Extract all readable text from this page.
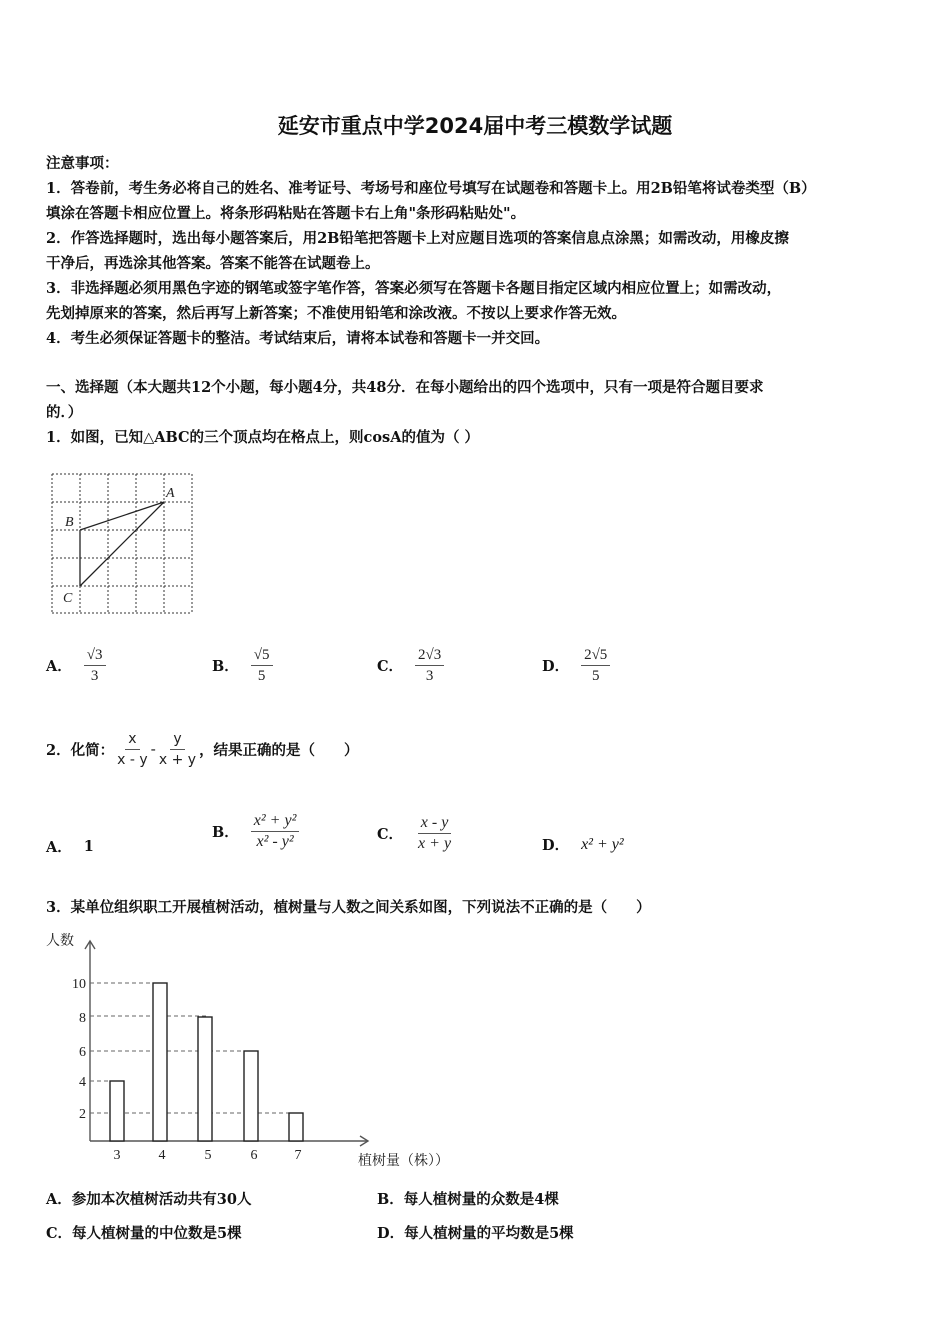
延安市重点中学2024届中考三模数学试题
注意事项：
1．答卷前，考生务必将自己的姓名、准考证号、考场号和座位号填写在试题卷和答题卡上。用2B铅笔将试卷类型（B）
填涂在答题卡相应位置上。将条形码粘贴在答题卡右上角"条形码粘贴处"。
2．作答选择题时，选出每小题答案后，用2B铅笔把答题卡上对应题目选项的答案信息点涂黑；如需改动，用橡皮擦
干净后，再选涂其他答案。答案不能答在试题卷上。
3．非选择题必须用黑色字迹的钢笔或签字笔作答，答案必须写在答题卡各题目指定区域内相应位置上；如需改动，
先划掉原来的答案，然后再写上新答案；不准使用铅笔和涂改液。不按以上要求作答无效。
4．考生必须保证答题卡的整洁。考试结束后，请将本试卷和答题卡一并交回。
一、选择题（本大题共12个小题，每小题4分，共48分．在每小题给出的四个选项中，只有一项是符合题目要求
的．）
1．如图，已知△ABC的三个顶点均在格点上，则cosA的值为（ ）
A
B
C
A． $\frac{√3}{3}$	B． $\frac{√5}{5}$	C． $\frac{2√3}{3}$	D． $\frac{2√5}{5}$
2．化简： $\frac{x}{x - y} - \frac{y}{x + y}$ ，结果正确的是（　　）
A． 1
B． $\frac{\text{x² + y²}}{\text{x² - y²}}$	C． $\frac{x - y}{x + y}$	D． x² + y²
3．某单位组织职工开展植树活动，植树量与人数之间关系如图，下列说法不正确的是（　　）
10
8
6
4
2
3	4	5	6	7
人数
植树量（株））
A．参加本次植树活动共有30人	B．每人植树量的众数是4棵
C．每人植树量的中位数是5棵	D．每人植树量的平均数是5棵
